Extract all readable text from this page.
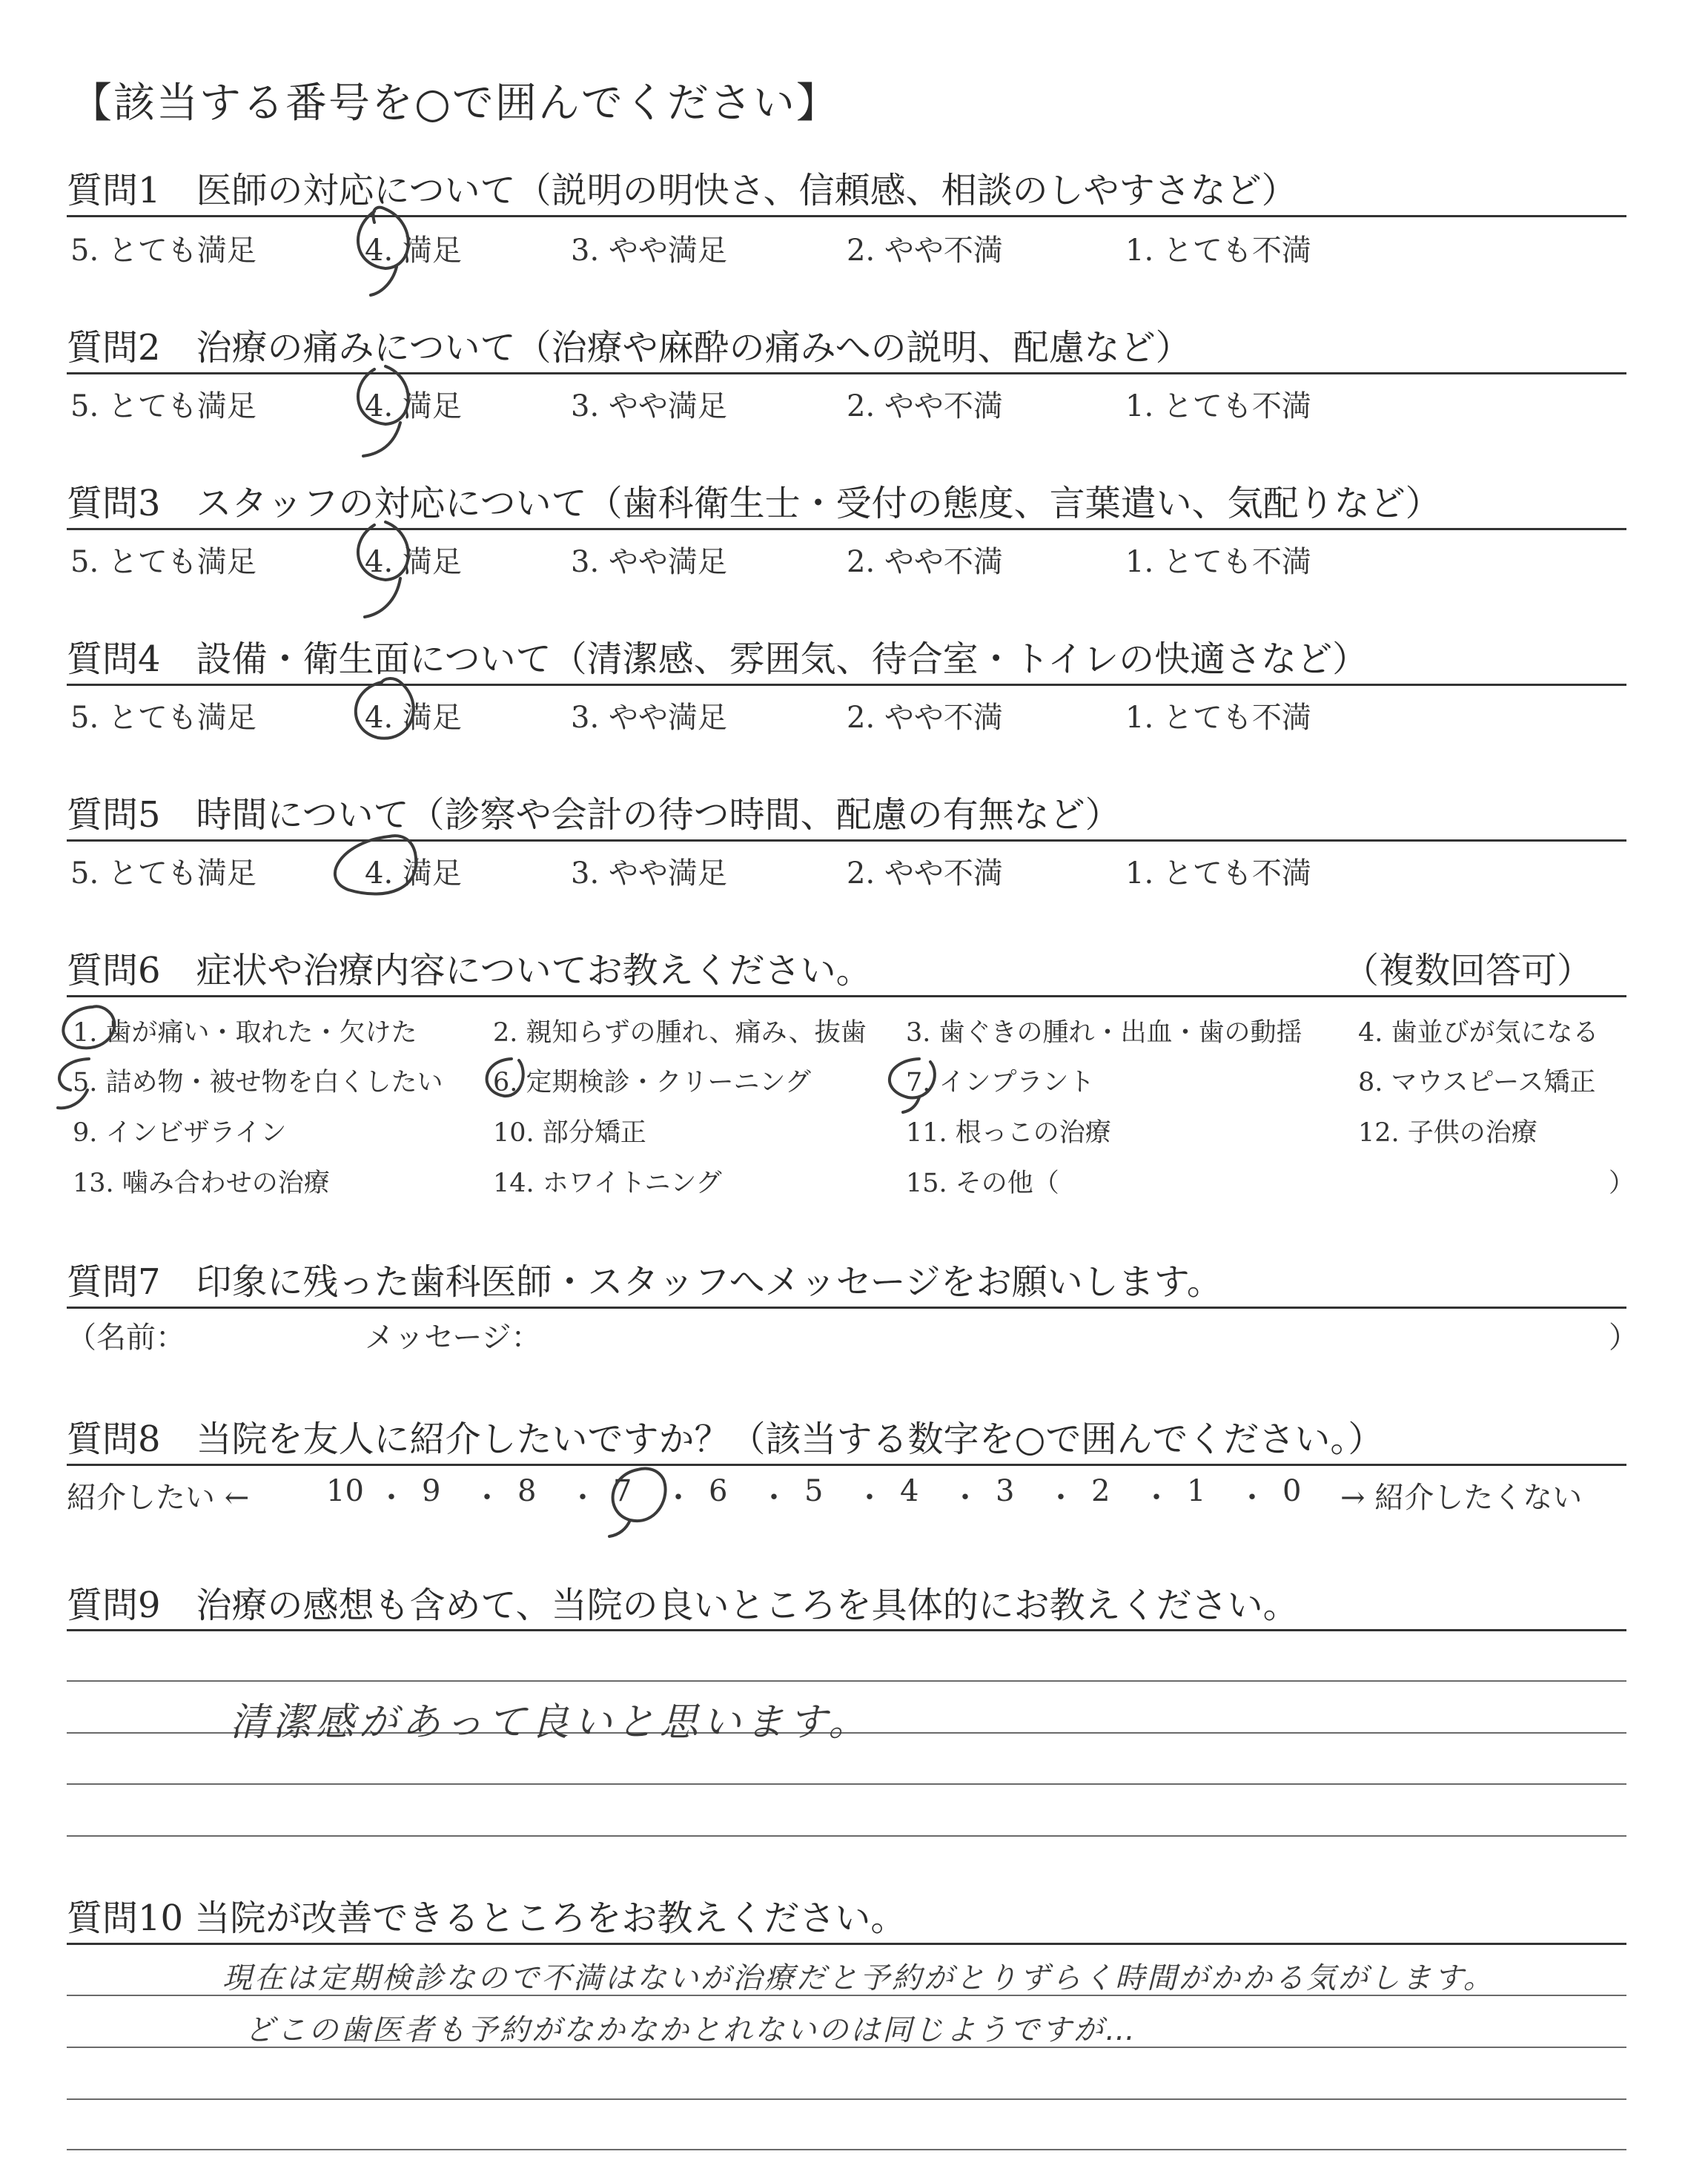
【該当する番号を○で囲んでください】
質問1　医師の対応について（説明の明快さ、信頼感、相談のしやすさなど）
5. とても満足	4. 満足	3. やや満足	2. やや不満	1. とても不満
質問2　治療の痛みについて（治療や麻酔の痛みへの説明、配慮など）
5. とても満足	4. 満足	3. やや満足	2. やや不満	1. とても不満
質問3　スタッフの対応について（歯科衛生士・受付の態度、言葉遣い、気配りなど）
5. とても満足	4. 満足	3. やや満足	2. やや不満	1. とても不満
質問4　設備・衛生面について（清潔感、雰囲気、待合室・トイレの快適さなど）
5. とても満足	4. 満足	3. やや満足	2. やや不満	1. とても不満
質問5　時間について（診察や会計の待つ時間、配慮の有無など）
5. とても満足	4. 満足	3. やや満足	2. やや不満	1. とても不満
質問6　症状や治療内容についてお教えください。	（複数回答可）
1. 歯が痛い・取れた・欠けた	2. 親知らずの腫れ、痛み、抜歯 3. 歯ぐきの腫れ・出血・歯の動揺 4. 歯並びが気になる
5. 詰め物・被せ物を白くしたい 6. 定期検診・クリーニング	7. インプラント	8. マウスピース矯正
9. インビザライン	10. 部分矯正	11. 根っこの治療	12. 子供の治療
13. 噛み合わせの治療	14. ホワイトニング	15. その他（	）
質問7　印象に残った歯科医師・スタッフへメッセージをお願いします。
（名前：	メッセージ：	）
質問8　当院を友人に紹介したいですか？（該当する数字を○で囲んでください。）
紹介したい ←	10 ・ 9 ・ 8 ・ 7 ・ 6 ・ 5 ・ 4 ・ 3 ・ 2 ・ 1 ・ 0 → 紹介したくない
質問9　治療の感想も含めて、当院の良いところを具体的にお教えください。
清潔感があって良いと思います。
質問10 当院が改善できるところをお教えください。
現在は定期検診なので不満はないが治療だと予約がとりずらく時間がかかる気がします。
どこの歯医者も予約がなかなかとれないのは同じようですが…
